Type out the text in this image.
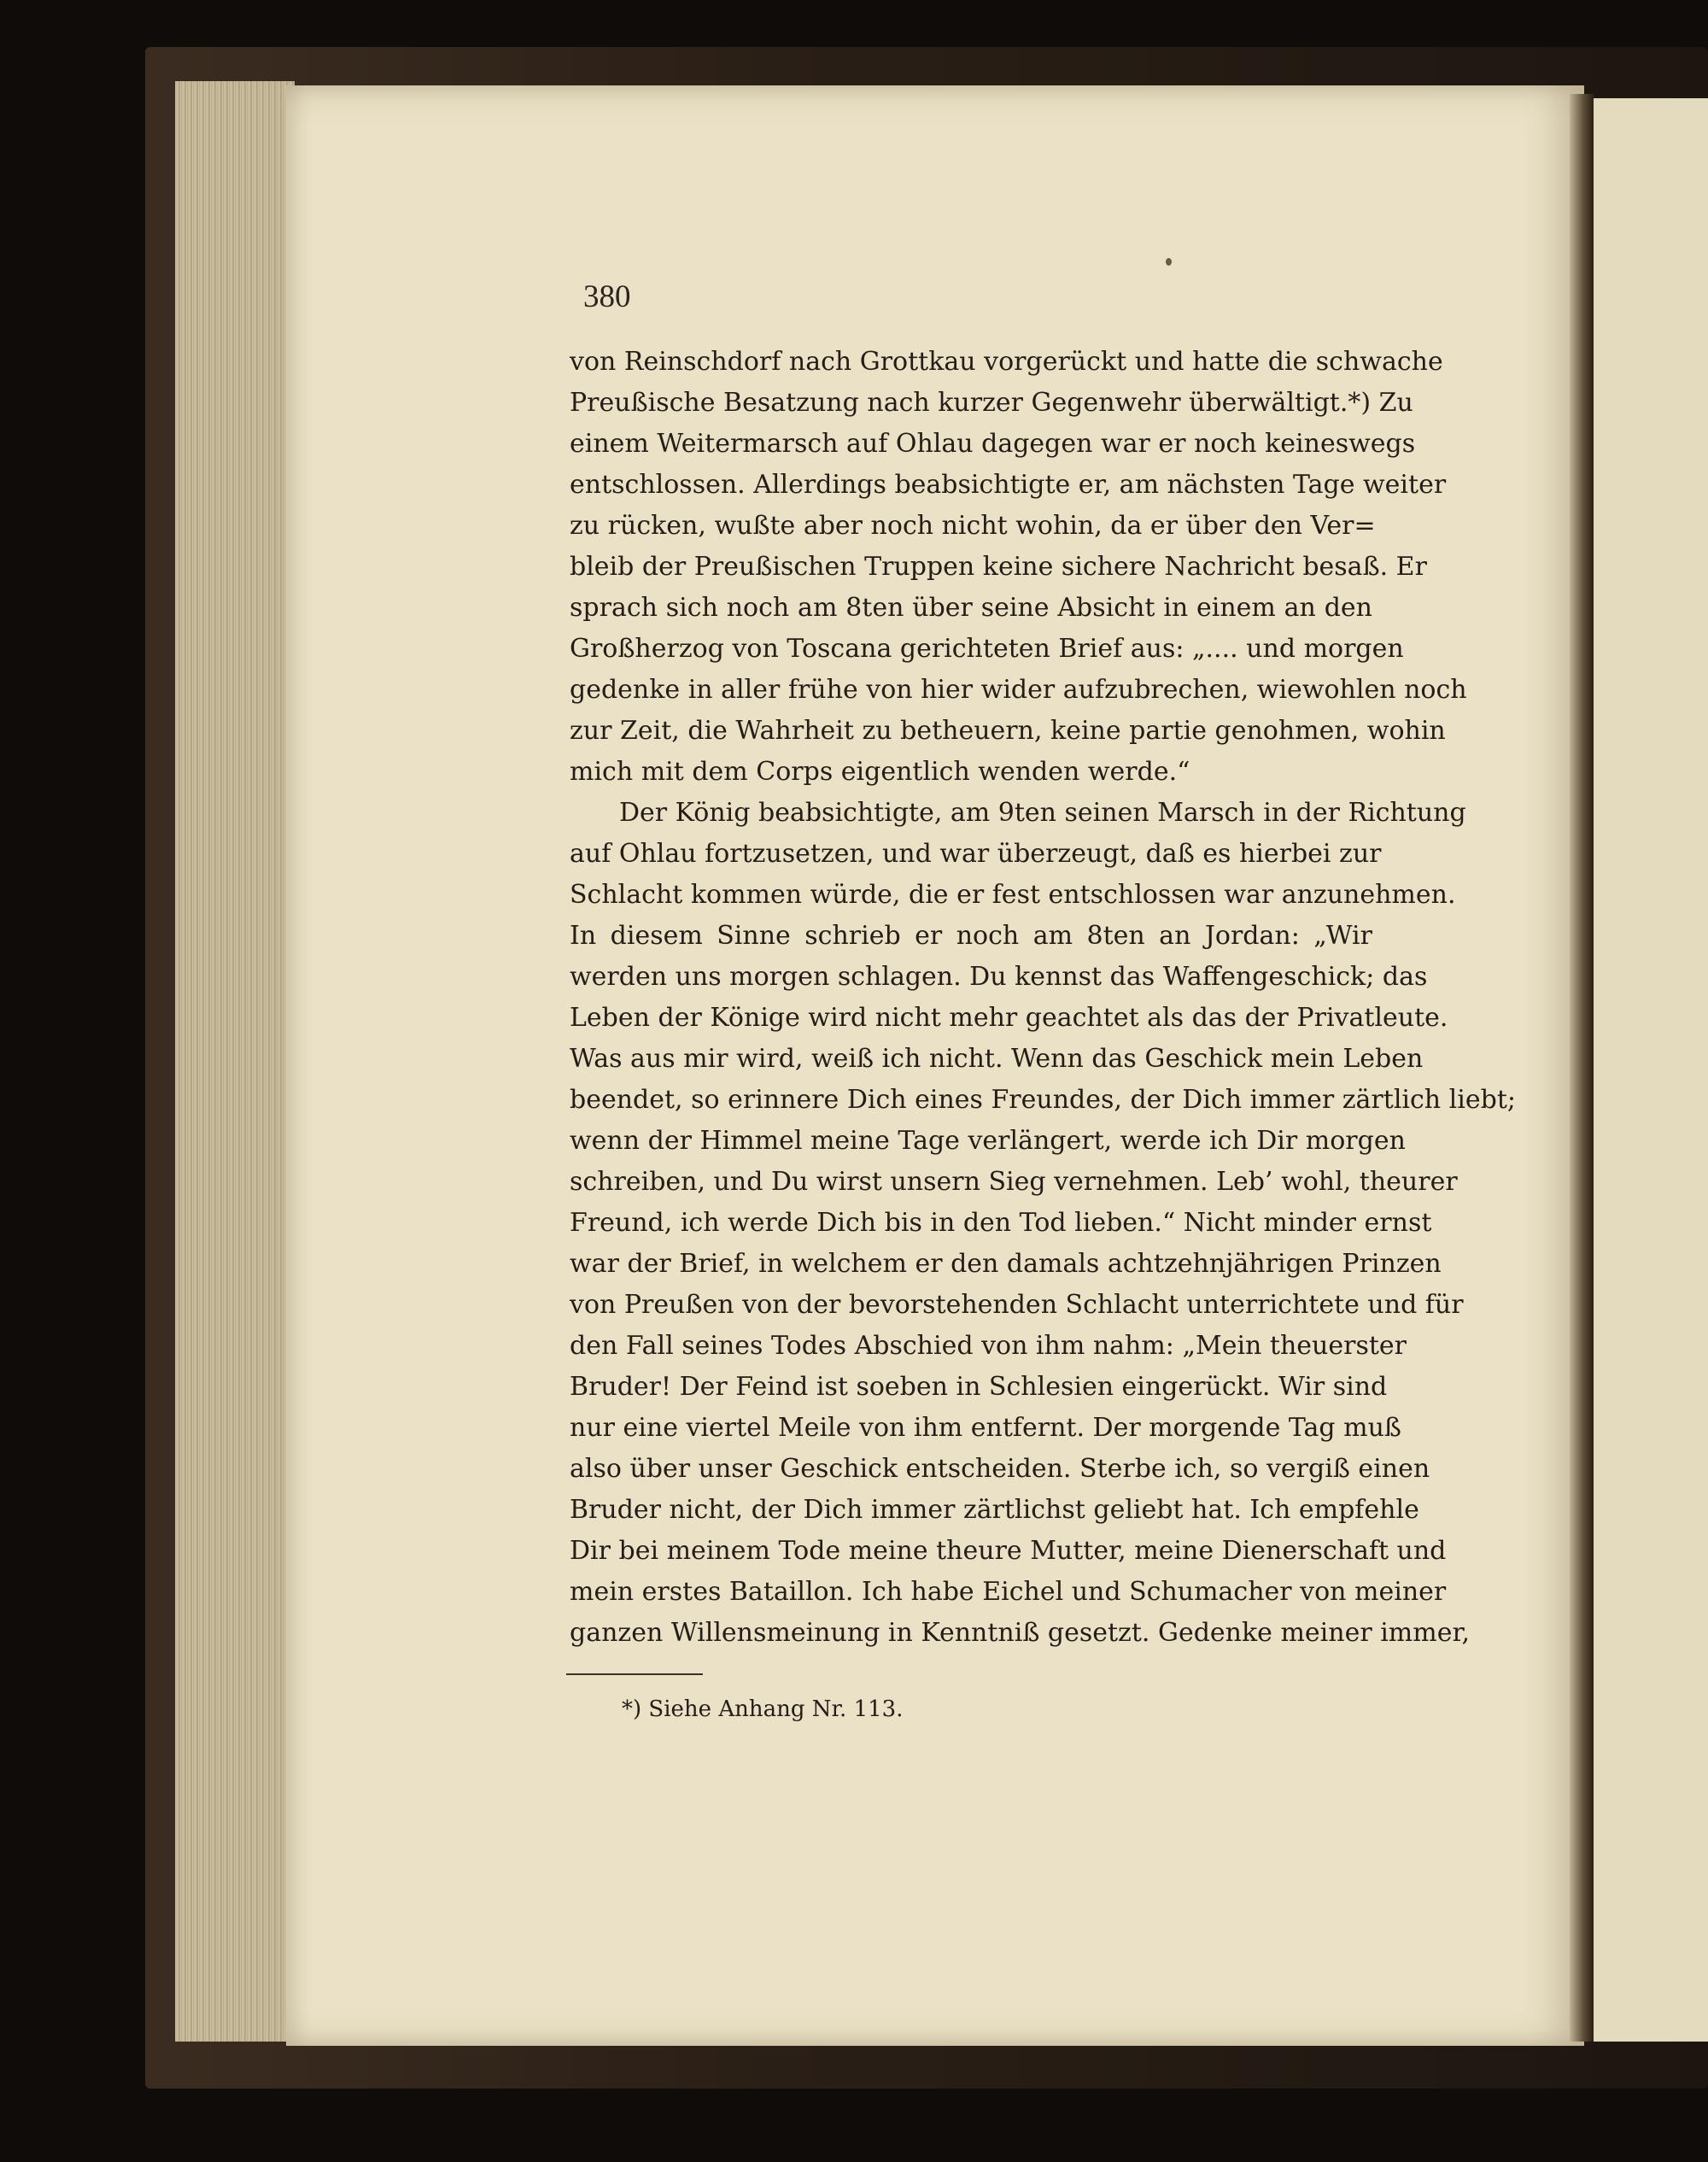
380
von Reinschdorf nach Grottkau vorgerückt und hatte die schwache
Preußische Besatzung nach kurzer Gegenwehr überwältigt.*) Zu
einem Weitermarsch auf Ohlau dagegen war er noch keineswegs
entschlossen. Allerdings beabsichtigte er, am nächsten Tage weiter
zu rücken, wußte aber noch nicht wohin, da er über den Ver=
bleib der Preußischen Truppen keine sichere Nachricht besaß. Er
sprach sich noch am 8ten über seine Absicht in einem an den
Großherzog von Toscana gerichteten Brief aus: „.... und morgen
gedenke in aller frühe von hier wider aufzubrechen, wiewohlen noch
zur Zeit, die Wahrheit zu betheuern, keine partie genohmen, wohin
mich mit dem Corps eigentlich wenden werde.“
Der König beabsichtigte, am 9ten seinen Marsch in der Richtung
auf Ohlau fortzusetzen, und war überzeugt, daß es hierbei zur
Schlacht kommen würde, die er fest entschlossen war anzunehmen.
In diesem Sinne schrieb er noch am 8ten an Jordan: „Wir
werden uns morgen schlagen. Du kennst das Waffengeschick; das
Leben der Könige wird nicht mehr geachtet als das der Privatleute.
Was aus mir wird, weiß ich nicht. Wenn das Geschick mein Leben
beendet, so erinnere Dich eines Freundes, der Dich immer zärtlich liebt;
wenn der Himmel meine Tage verlängert, werde ich Dir morgen
schreiben, und Du wirst unsern Sieg vernehmen. Leb’ wohl, theurer
Freund, ich werde Dich bis in den Tod lieben.“ Nicht minder ernst
war der Brief, in welchem er den damals achtzehnjährigen Prinzen
von Preußen von der bevorstehenden Schlacht unterrichtete und für
den Fall seines Todes Abschied von ihm nahm: „Mein theuerster
Bruder! Der Feind ist soeben in Schlesien eingerückt. Wir sind
nur eine viertel Meile von ihm entfernt. Der morgende Tag muß
also über unser Geschick entscheiden. Sterbe ich, so vergiß einen
Bruder nicht, der Dich immer zärtlichst geliebt hat. Ich empfehle
Dir bei meinem Tode meine theure Mutter, meine Dienerschaft und
mein erstes Bataillon. Ich habe Eichel und Schumacher von meiner
ganzen Willensmeinung in Kenntniß gesetzt. Gedenke meiner immer,
*) Siehe Anhang Nr. 113.
